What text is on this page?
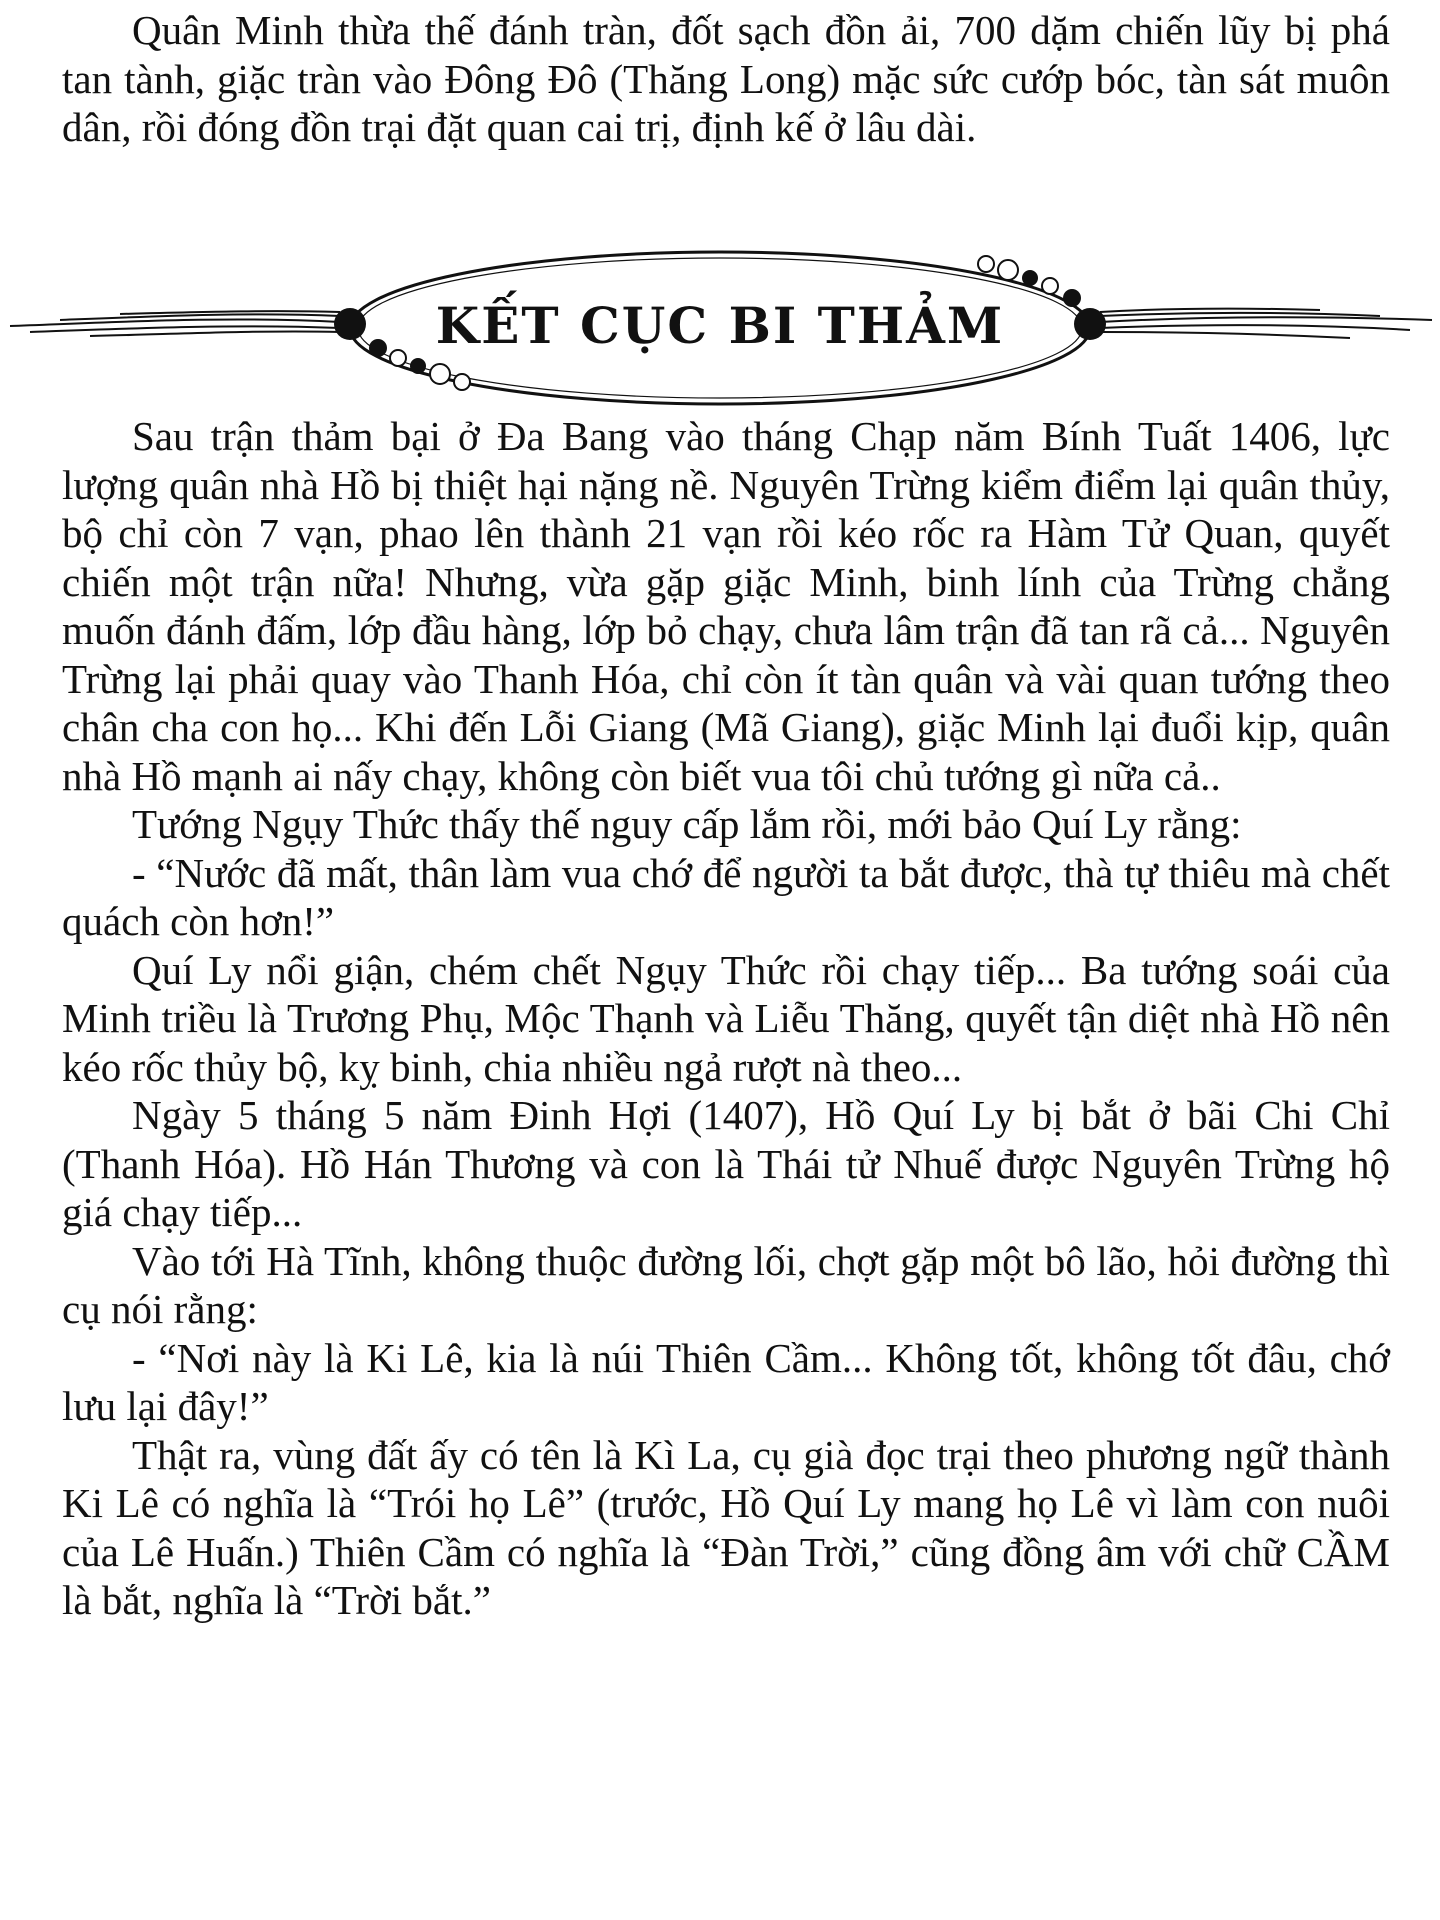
Quân Minh thừa thế đánh tràn, đốt sạch đồn ải, 700 dặm chiến lũy bị phá tan tành, giặc tràn vào Đông Đô (Thăng Long) mặc sức cướp bóc, tàn sát muôn dân, rồi đóng đồn trại đặt quan cai trị, định kế ở lâu dài.

KẾT CỤC BI THẢM

Sau trận thảm bại ở Đa Bang vào tháng Chạp năm Bính Tuất 1406, lực lượng quân nhà Hồ bị thiệt hại nặng nề. Nguyên Trừng kiểm điểm lại quân thủy, bộ chỉ còn 7 vạn, phao lên thành 21 vạn rồi kéo rốc ra Hàm Tử Quan, quyết chiến một trận nữa! Nhưng, vừa gặp giặc Minh, binh lính của Trừng chẳng muốn đánh đấm, lớp đầu hàng, lớp bỏ chạy, chưa lâm trận đã tan rã cả... Nguyên Trừng lại phải quay vào Thanh Hóa, chỉ còn ít tàn quân và vài quan tướng theo chân cha con họ... Khi đến Lỗi Giang (Mã Giang), giặc Minh lại đuổi kịp, quân nhà Hồ mạnh ai nấy chạy, không còn biết vua tôi chủ tướng gì nữa cả..

Tướng Ngụy Thức thấy thế nguy cấp lắm rồi, mới bảo Quí Ly rằng:

- “Nước đã mất, thân làm vua chớ để người ta bắt được, thà tự thiêu mà chết quách còn hơn!”

Quí Ly nổi giận, chém chết Ngụy Thức rồi chạy tiếp... Ba tướng soái của Minh triều là Trương Phụ, Mộc Thạnh và Liễu Thăng, quyết tận diệt nhà Hồ nên kéo rốc thủy bộ, kỵ binh, chia nhiều ngả rượt nà theo...

Ngày 5 tháng 5 năm Đinh Hợi (1407), Hồ Quí Ly bị bắt ở bãi Chi Chỉ (Thanh Hóa). Hồ Hán Thương và con là Thái tử Nhuế được Nguyên Trừng hộ giá chạy tiếp...

Vào tới Hà Tĩnh, không thuộc đường lối, chợt gặp một bô lão, hỏi đường thì cụ nói rằng:

- “Nơi này là Ki Lê, kia là núi Thiên Cầm... Không tốt, không tốt đâu, chớ lưu lại đây!”

Thật ra, vùng đất ấy có tên là Kì La, cụ già đọc trại theo phương ngữ thành Ki Lê có nghĩa là “Trói họ Lê” (trước, Hồ Quí Ly mang họ Lê vì làm con nuôi của Lê Huấn.) Thiên Cầm có nghĩa là “Đàn Trời,” cũng đồng âm với chữ CẦM là bắt, nghĩa là “Trời bắt.”
